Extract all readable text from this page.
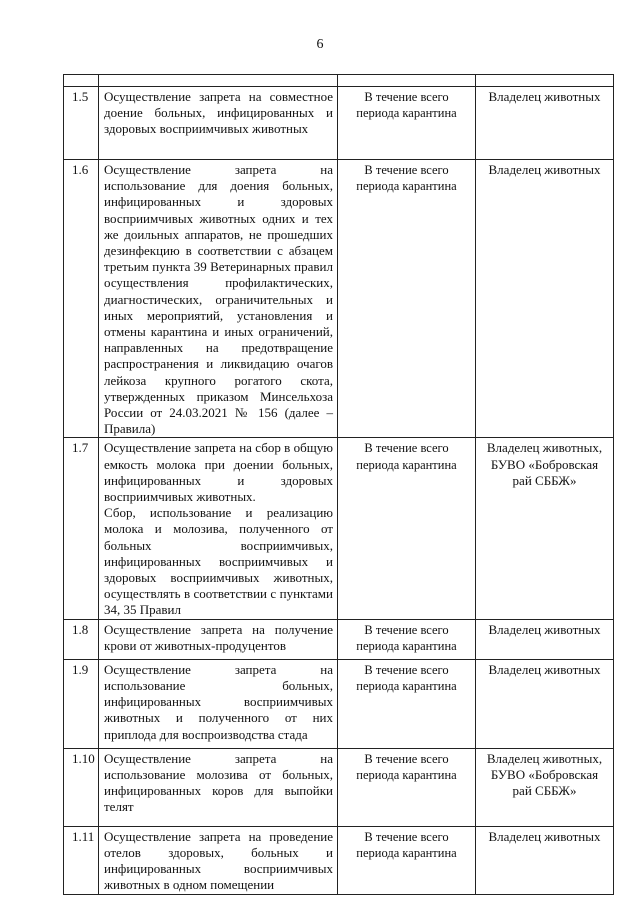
6

1.5	Осуществление запрета на совместное доение больных, инфицированных и здоровых восприимчивых животных	В течение всего периода карантина	Владелец животных
1.6	Осуществление запрета на использование для доения больных, инфицированных и здоровых восприимчивых животных одних и тех же доильных аппаратов, не прошедших дезинфекцию в соответствии с абзацем третьим пункта 39 Ветеринарных правил осуществления профилактических, диагностических, ограничительных и иных мероприятий, установления и отмены карантина и иных ограничений, направленных на предотвращение распространения и ликвидацию очагов лейкоза крупного рогатого скота, утвержденных приказом Минсельхоза России от 24.03.2021 № 156 (далее – Правила)	В течение всего периода карантина	Владелец животных
1.7	Осуществление запрета на сбор в общую емкость молока при доении больных, инфицированных и здоровых восприимчивых животных.
Сбор, использование и реализацию молока и молозива, полученного от больных восприимчивых, инфицированных восприимчивых и здоровых восприимчивых животных, осуществлять в соответствии с пунктами 34, 35 Правил	В течение всего периода карантина	Владелец животных, БУВО «Бобровская рай СББЖ»
1.8	Осуществление запрета на получение крови от животных-продуцентов	В течение всего периода карантина	Владелец животных
1.9	Осуществление запрета на использование больных, инфицированных восприимчивых животных и полученного от них приплода для воспроизводства стада	В течение всего периода карантина	Владелец животных
1.10	Осуществление запрета на использование молозива от больных, инфицированных коров для выпойки телят	В течение всего периода карантина	Владелец животных, БУВО «Бобровская рай СББЖ»
1.11	Осуществление запрета на проведение отелов здоровых, больных и инфицированных восприимчивых животных в одном помещении	В течение всего периода карантина	Владелец животных
